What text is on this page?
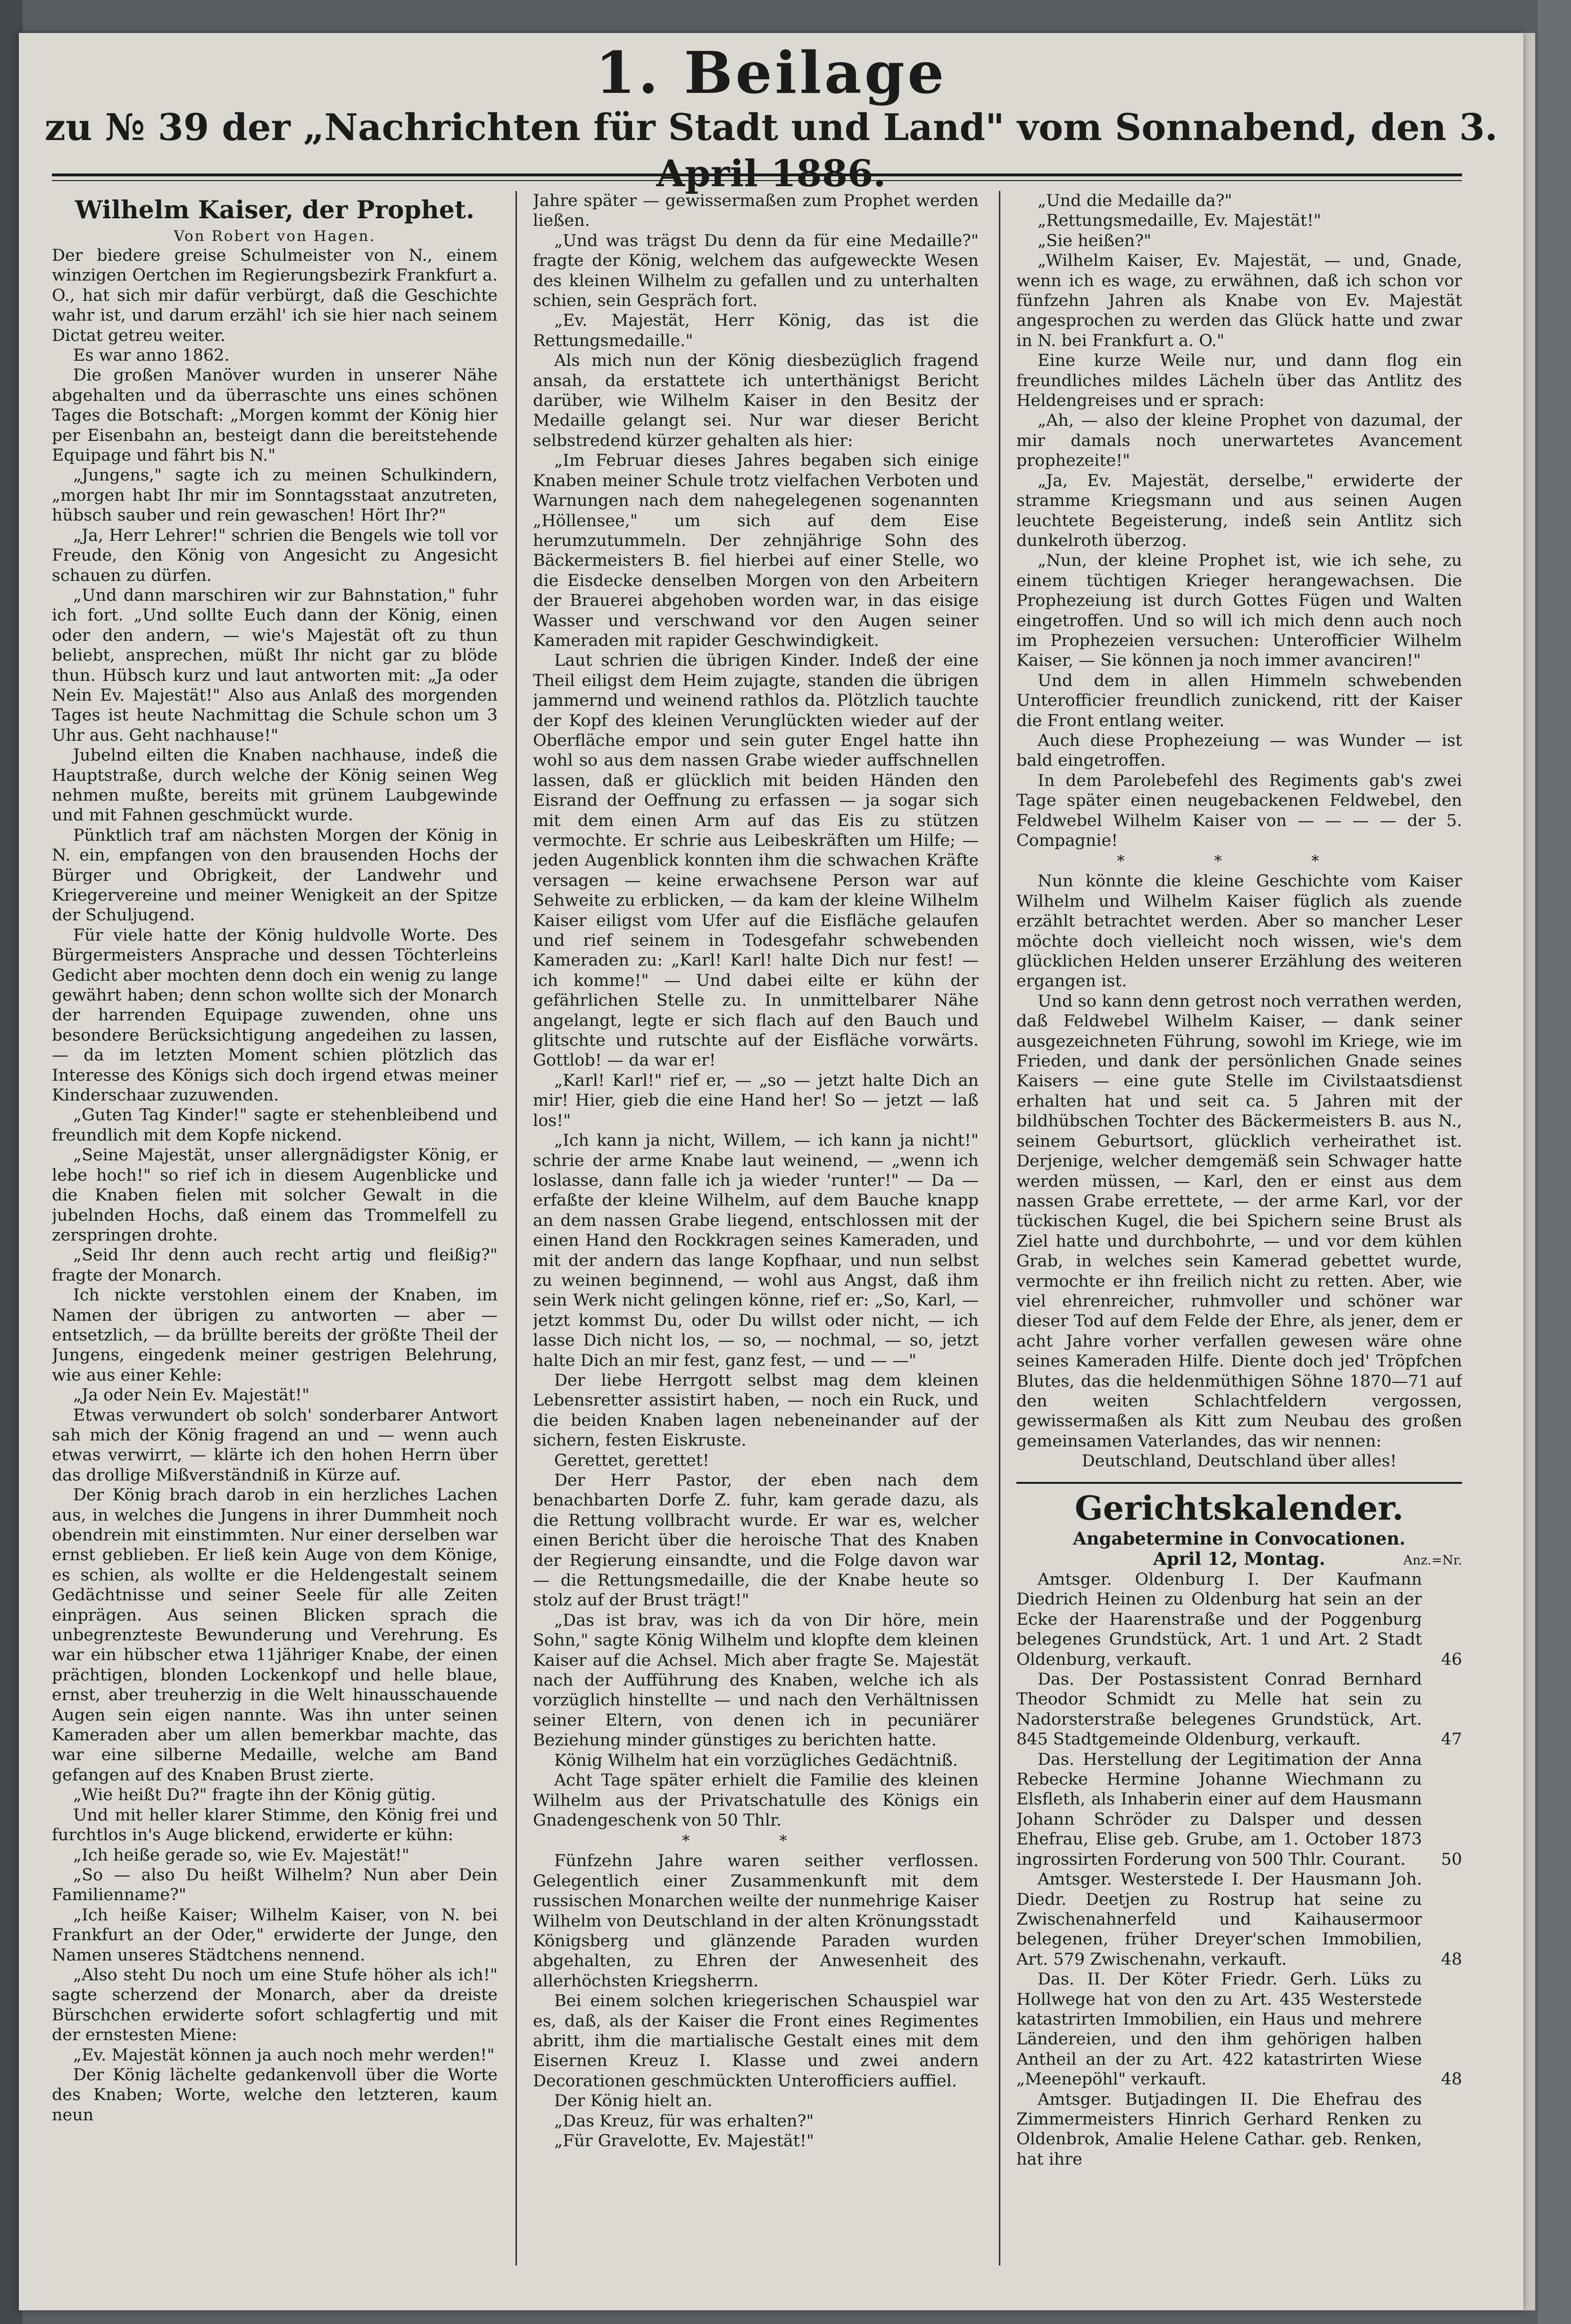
1. Beilage
zu № 39 der „Nachrichten für Stadt und Land" vom Sonnabend, den 3. April 1886.
Wilhelm Kaiser, der Prophet.
Von Robert von Hagen.

Der biedere greise Schulmeister von N., einem winzigen Oertchen im Regierungsbezirk Frankfurt a. O., hat sich mir dafür verbürgt, daß die Geschichte wahr ist, und darum erzähl' ich sie hier nach seinem Dictat getreu weiter.

Es war anno 1862.

Die großen Manöver wurden in unserer Nähe abgehalten und da überraschte uns eines schönen Tages die Botschaft: „Morgen kommt der König hier per Eisenbahn an, besteigt dann die bereitstehende Equipage und fährt bis N."

„Jungens," sagte ich zu meinen Schulkindern, „morgen habt Ihr mir im Sonntagsstaat anzutreten, hübsch sauber und rein gewaschen! Hört Ihr?"

„Ja, Herr Lehrer!" schrien die Bengels wie toll vor Freude, den König von Angesicht zu Angesicht schauen zu dürfen.

„Und dann marschiren wir zur Bahnstation," fuhr ich fort. „Und sollte Euch dann der König, einen oder den andern, — wie's Majestät oft zu thun beliebt, ansprechen, müßt Ihr nicht gar zu blöde thun. Hübsch kurz und laut antworten mit: „Ja oder Nein Ev. Majestät!" Also aus Anlaß des morgenden Tages ist heute Nachmittag die Schule schon um 3 Uhr aus. Geht nachhause!"

Jubelnd eilten die Knaben nachhause, indeß die Hauptstraße, durch welche der König seinen Weg nehmen mußte, bereits mit grünem Laubgewinde und mit Fahnen geschmückt wurde.

Pünktlich traf am nächsten Morgen der König in N. ein, empfangen von den brausenden Hochs der Bürger und Obrigkeit, der Landwehr und Kriegervereine und meiner Wenigkeit an der Spitze der Schuljugend.

Für viele hatte der König huldvolle Worte. Des Bürgermeisters Ansprache und dessen Töchterleins Gedicht aber mochten denn doch ein wenig zu lange gewährt haben; denn schon wollte sich der Monarch der harrenden Equipage zuwenden, ohne uns besondere Berücksichtigung angedeihen zu lassen, — da im letzten Moment schien plötzlich das Interesse des Königs sich doch irgend etwas meiner Kinderschaar zuzuwenden.

„Guten Tag Kinder!" sagte er stehenbleibend und freundlich mit dem Kopfe nickend.

„Seine Majestät, unser allergnädigster König, er lebe hoch!" so rief ich in diesem Augenblicke und die Knaben fielen mit solcher Gewalt in die jubelnden Hochs, daß einem das Trommelfell zu zerspringen drohte.

„Seid Ihr denn auch recht artig und fleißig?" fragte der Monarch.

Ich nickte verstohlen einem der Knaben, im Namen der übrigen zu antworten — aber — entsetzlich, — da brüllte bereits der größte Theil der Jungens, eingedenk meiner gestrigen Belehrung, wie aus einer Kehle:

„Ja oder Nein Ev. Majestät!"

Etwas verwundert ob solch' sonderbarer Antwort sah mich der König fragend an und — wenn auch etwas verwirrt, — klärte ich den hohen Herrn über das drollige Mißverständniß in Kürze auf.

Der König brach darob in ein herzliches Lachen aus, in welches die Jungens in ihrer Dummheit noch obendrein mit einstimmten. Nur einer derselben war ernst geblieben. Er ließ kein Auge von dem Könige, es schien, als wollte er die Heldengestalt seinem Gedächtnisse und seiner Seele für alle Zeiten einprägen. Aus seinen Blicken sprach die unbegrenzteste Bewunderung und Verehrung. Es war ein hübscher etwa 11jähriger Knabe, der einen prächtigen, blonden Lockenkopf und helle blaue, ernst, aber treuherzig in die Welt hinausschauende Augen sein eigen nannte. Was ihn unter seinen Kameraden aber um allen bemerkbar machte, das war eine silberne Medaille, welche am Band gefangen auf des Knaben Brust zierte.

„Wie heißt Du?" fragte ihn der König gütig.

Und mit heller klarer Stimme, den König frei und furchtlos in's Auge blickend, erwiderte er kühn:

„Ich heiße gerade so, wie Ev. Majestät!"

„So — also Du heißt Wilhelm? Nun aber Dein Familienname?"

„Ich heiße Kaiser; Wilhelm Kaiser, von N. bei Frankfurt an der Oder," erwiderte der Junge, den Namen unseres Städtchens nennend.

„Also steht Du noch um eine Stufe höher als ich!" sagte scherzend der Monarch, aber da dreiste Bürschchen erwiderte sofort schlagfertig und mit der ernstesten Miene:

„Ev. Majestät können ja auch noch mehr werden!"

Der König lächelte gedankenvoll über die Worte des Knaben; Worte, welche den letzteren, kaum neun

Jahre später — gewissermaßen zum Prophet werden ließen.

„Und was trägst Du denn da für eine Medaille?" fragte der König, welchem das aufgeweckte Wesen des kleinen Wilhelm zu gefallen und zu unterhalten schien, sein Gespräch fort.

„Ev. Majestät, Herr König, das ist die Rettungsmedaille."

Als mich nun der König diesbezüglich fragend ansah, da erstattete ich unterthänigst Bericht darüber, wie Wilhelm Kaiser in den Besitz der Medaille gelangt sei. Nur war dieser Bericht selbstredend kürzer gehalten als hier:

„Im Februar dieses Jahres begaben sich einige Knaben meiner Schule trotz vielfachen Verboten und Warnungen nach dem nahegelegenen sogenannten „Höllensee," um sich auf dem Eise herumzutummeln. Der zehnjährige Sohn des Bäckermeisters B. fiel hierbei auf einer Stelle, wo die Eisdecke denselben Morgen von den Arbeitern der Brauerei abgehoben worden war, in das eisige Wasser und verschwand vor den Augen seiner Kameraden mit rapider Geschwindigkeit.

Laut schrien die übrigen Kinder. Indeß der eine Theil eiligst dem Heim zujagte, standen die übrigen jammernd und weinend rathlos da. Plötzlich tauchte der Kopf des kleinen Verunglückten wieder auf der Oberfläche empor und sein guter Engel hatte ihn wohl so aus dem nassen Grabe wieder auffschnellen lassen, daß er glücklich mit beiden Händen den Eisrand der Oeffnung zu erfassen — ja sogar sich mit dem einen Arm auf das Eis zu stützen vermochte. Er schrie aus Leibeskräften um Hilfe; — jeden Augenblick konnten ihm die schwachen Kräfte versagen — keine erwachsene Person war auf Sehweite zu erblicken, — da kam der kleine Wilhelm Kaiser eiligst vom Ufer auf die Eisfläche gelaufen und rief seinem in Todesgefahr schwebenden Kameraden zu: „Karl! Karl! halte Dich nur fest! — ich komme!" — Und dabei eilte er kühn der gefährlichen Stelle zu. In unmittelbarer Nähe angelangt, legte er sich flach auf den Bauch und glitschte und rutschte auf der Eisfläche vorwärts. Gottlob! — da war er!

„Karl! Karl!" rief er, — „so — jetzt halte Dich an mir! Hier, gieb die eine Hand her! So — jetzt — laß los!"

„Ich kann ja nicht, Willem, — ich kann ja nicht!" schrie der arme Knabe laut weinend, — „wenn ich loslasse, dann falle ich ja wieder 'runter!" — Da — erfaßte der kleine Wilhelm, auf dem Bauche knapp an dem nassen Grabe liegend, entschlossen mit der einen Hand den Rockkragen seines Kameraden, und mit der andern das lange Kopfhaar, und nun selbst zu weinen beginnend, — wohl aus Angst, daß ihm sein Werk nicht gelingen könne, rief er: „So, Karl, — jetzt kommst Du, oder Du willst oder nicht, — ich lasse Dich nicht los, — so, — nochmal, — so, jetzt halte Dich an mir fest, ganz fest, — und — —"

Der liebe Herrgott selbst mag dem kleinen Lebensretter assistirt haben, — noch ein Ruck, und die beiden Knaben lagen nebeneinander auf der sichern, festen Eiskruste.

Gerettet, gerettet!

Der Herr Pastor, der eben nach dem benachbarten Dorfe Z. fuhr, kam gerade dazu, als die Rettung vollbracht wurde. Er war es, welcher einen Bericht über die heroische That des Knaben der Regierung einsandte, und die Folge davon war — die Rettungsmedaille, die der Knabe heute so stolz auf der Brust trägt!"

„Das ist brav, was ich da von Dir höre, mein Sohn," sagte König Wilhelm und klopfte dem kleinen Kaiser auf die Achsel. Mich aber fragte Se. Majestät nach der Aufführung des Knaben, welche ich als vorzüglich hinstellte — und nach den Verhältnissen seiner Eltern, von denen ich in pecuniärer Beziehung minder günstiges zu berichten hatte.

König Wilhelm hat ein vorzügliches Gedächtniß.

Acht Tage später erhielt die Familie des kleinen Wilhelm aus der Privatschatulle des Königs ein Gnadengeschenk von 50 Thlr.

* *

Fünfzehn Jahre waren seither verflossen. Gelegentlich einer Zusammenkunft mit dem russischen Monarchen weilte der nunmehrige Kaiser Wilhelm von Deutschland in der alten Krönungsstadt Königsberg und glänzende Paraden wurden abgehalten, zu Ehren der Anwesenheit des allerhöchsten Kriegsherrn.

Bei einem solchen kriegerischen Schauspiel war es, daß, als der Kaiser die Front eines Regimentes abritt, ihm die martialische Gestalt eines mit dem Eisernen Kreuz I. Klasse und zwei andern Decorationen geschmückten Unterofficiers auffiel.

Der König hielt an.

„Das Kreuz, für was erhalten?"

„Für Gravelotte, Ev. Majestät!"

„Und die Medaille da?"

„Rettungsmedaille, Ev. Majestät!"

„Sie heißen?"

„Wilhelm Kaiser, Ev. Majestät, — und, Gnade, wenn ich es wage, zu erwähnen, daß ich schon vor fünfzehn Jahren als Knabe von Ev. Majestät angesprochen zu werden das Glück hatte und zwar in N. bei Frankfurt a. O."

Eine kurze Weile nur, und dann flog ein freundliches mildes Lächeln über das Antlitz des Heldengreises und er sprach:

„Ah, — also der kleine Prophet von dazumal, der mir damals noch unerwartetes Avancement prophezeite!"

„Ja, Ev. Majestät, derselbe," erwiderte der stramme Kriegsmann und aus seinen Augen leuchtete Begeisterung, indeß sein Antlitz sich dunkelroth überzog.

„Nun, der kleine Prophet ist, wie ich sehe, zu einem tüchtigen Krieger herangewachsen. Die Prophezeiung ist durch Gottes Fügen und Walten eingetroffen. Und so will ich mich denn auch noch im Prophezeien versuchen: Unterofficier Wilhelm Kaiser, — Sie können ja noch immer avanciren!"

Und dem in allen Himmeln schwebenden Unterofficier freundlich zunickend, ritt der Kaiser die Front entlang weiter.

Auch diese Prophezeiung — was Wunder — ist bald eingetroffen.

In dem Parolebefehl des Regiments gab's zwei Tage später einen neugebackenen Feldwebel, den Feldwebel Wilhelm Kaiser von — — — — der 5. Compagnie!

* * *

Nun könnte die kleine Geschichte vom Kaiser Wilhelm und Wilhelm Kaiser füglich als zuende erzählt betrachtet werden. Aber so mancher Leser möchte doch vielleicht noch wissen, wie's dem glücklichen Helden unserer Erzählung des weiteren ergangen ist.

Und so kann denn getrost noch verrathen werden, daß Feldwebel Wilhelm Kaiser, — dank seiner ausgezeichneten Führung, sowohl im Kriege, wie im Frieden, und dank der persönlichen Gnade seines Kaisers — eine gute Stelle im Civilstaatsdienst erhalten hat und seit ca. 5 Jahren mit der bildhübschen Tochter des Bäckermeisters B. aus N., seinem Geburtsort, glücklich verheirathet ist. Derjenige, welcher demgemäß sein Schwager hatte werden müssen, — Karl, den er einst aus dem nassen Grabe errettete, — der arme Karl, vor der tückischen Kugel, die bei Spichern seine Brust als Ziel hatte und durchbohrte, — und vor dem kühlen Grab, in welches sein Kamerad gebettet wurde, vermochte er ihn freilich nicht zu retten. Aber, wie viel ehrenreicher, ruhmvoller und schöner war dieser Tod auf dem Felde der Ehre, als jener, dem er acht Jahre vorher verfallen gewesen wäre ohne seines Kameraden Hilfe. Diente doch jed' Tröpfchen Blutes, das die heldenmüthigen Söhne 1870—71 auf den weiten Schlachtfeldern vergossen, gewissermaßen als Kitt zum Neubau des großen gemeinsamen Vaterlandes, das wir nennen:

Deutschland, Deutschland über alles!

Gerichtskalender.
Angabetermine in Convocationen.
April 12, Montag.	Anz.=Nr.

Amtsger. Oldenburg I. Der Kaufmann Diedrich Heinen zu Oldenburg hat sein an der Ecke der Haarenstraße und der Poggenburg belegenes Grundstück, Art. 1 und Art. 2 Stadt Oldenburg, verkauft.	46

Das. Der Postassistent Conrad Bernhard Theodor Schmidt zu Melle hat sein zu Nadorsterstraße belegenes Grundstück, Art. 845 Stadtgemeinde Oldenburg, verkauft.	47

Das. Herstellung der Legitimation der Anna Rebecke Hermine Johanne Wiechmann zu Elsfleth, als Inhaberin einer auf dem Hausmann Johann Schröder zu Dalsper und dessen Ehefrau, Elise geb. Grube, am 1. October 1873 ingrossirten Forderung von 500 Thlr. Courant.	50

Amtsger. Westerstede I. Der Hausmann Joh. Diedr. Deetjen zu Rostrup hat seine zu Zwischenahnerfeld und Kaihausermoor belegenen, früher Dreyer'schen Immobilien, Art. 579 Zwischenahn, verkauft.	48

Das. II. Der Köter Friedr. Gerh. Lüks zu Hollwege hat von den zu Art. 435 Westerstede katastrirten Immobilien, ein Haus und mehrere Ländereien, und den ihm gehörigen halben Antheil an der zu Art. 422 katastrirten Wiese „Meenepöhl" verkauft.	48

Amtsger. Butjadingen II. Die Ehefrau des Zimmermeisters Hinrich Gerhard Renken zu Oldenbrok, Amalie Helene Cathar. geb. Renken, hat ihre
